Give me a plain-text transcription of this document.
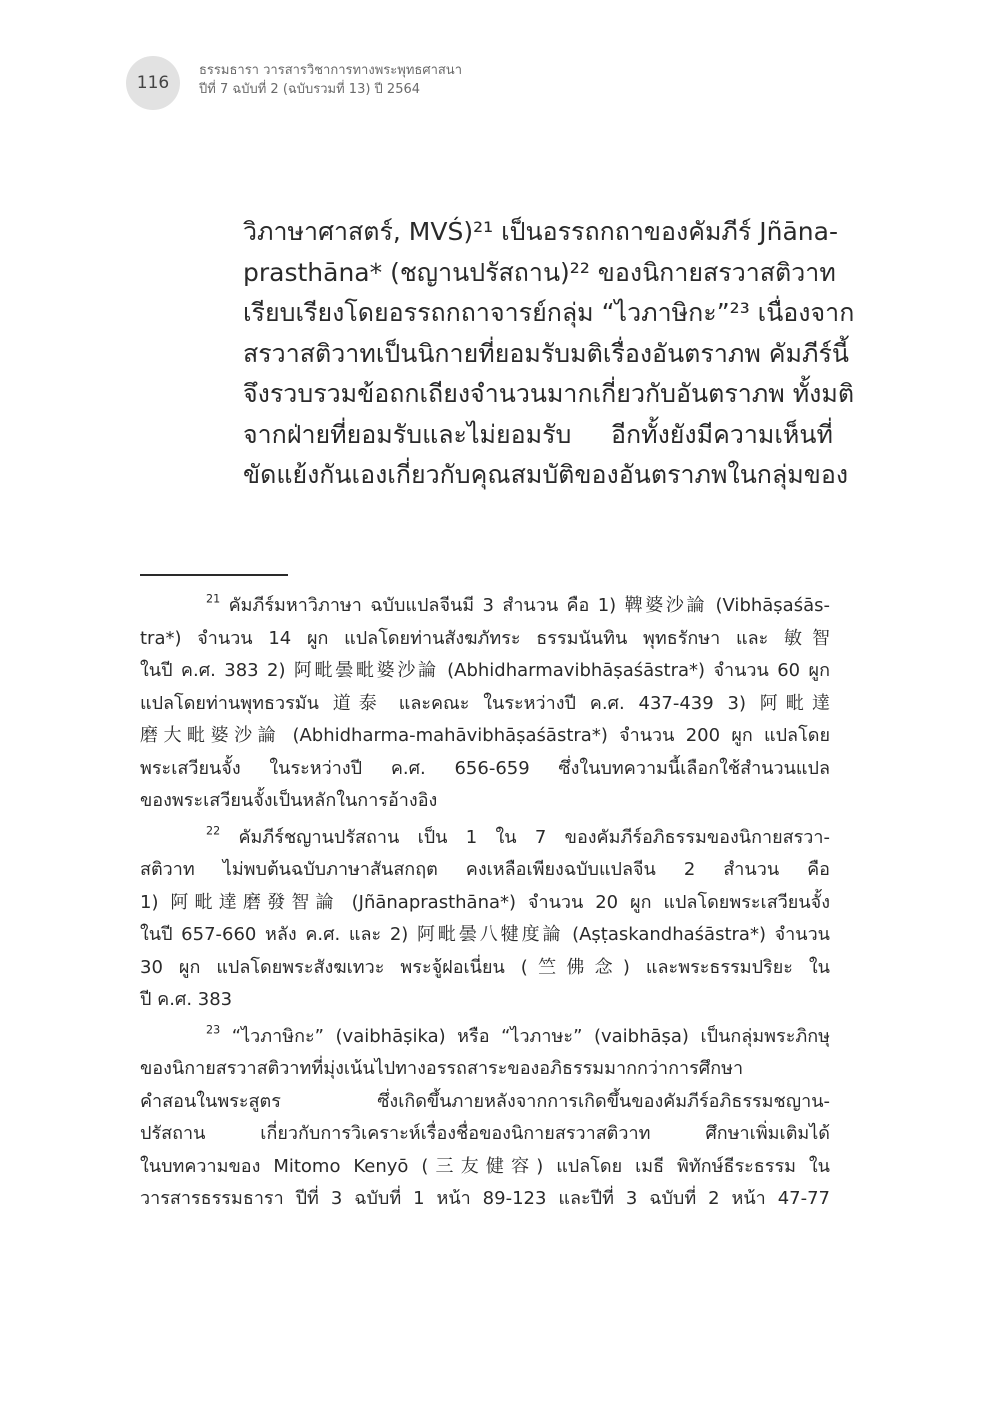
116
ธรรมธารา วารสารวิชาการทางพระพุทธศาสนา
ปีที่ 7 ฉบับที่ 2 (ฉบับรวมที่ 13) ปี 2564
วิภาษาศาสตร์, MVŚ)²¹ เป็นอรรถกถาของคัมภีร์ Jñāna-
prasthāna* (ชญานปรัสถาน)²² ของนิกายสรวาสติวาท
เรียบเรียงโดยอรรถกถาจารย์กลุ่ม “ไวภาษิกะ”²³ เนื่องจาก
สรวาสติวาทเป็นนิกายที่ยอมรับมติเรื่องอันตราภพ คัมภีร์นี้
จึงรวบรวมข้อถกเถียงจำนวนมากเกี่ยวกับอันตราภพ ทั้งมติ
จากฝ่ายที่ยอมรับและไม่ยอมรับ อีกทั้งยังมีความเห็นที่
ขัดแย้งกันเองเกี่ยวกับคุณสมบัติของอันตราภพในกลุ่มของ
$^{21}$ คัมภีร์มหาวิภาษา ฉบับแปลจีนมี 3 สำนวน คือ 1) 鞞婆沙論 (Vibhāṣaśās-
tra*) จำนวน 14 ผูก แปลโดยท่านสังฆภัทระ ธรรมนันทิน พุทธรักษา และ 敏智
ในปี ค.ศ. 383 2) 阿毗曇毗婆沙論 (Abhidharmavibhāṣaśāstra*) จำนวน 60 ผูก
แปลโดยท่านพุทธวรมัน 道泰 และคณะ ในระหว่างปี ค.ศ. 437-439 3) 阿毗達
磨大毗婆沙論 (Abhidharma-mahāvibhāṣaśāstra*) จำนวน 200 ผูก แปลโดย
พระเสวียนจั้ง ในระหว่างปี ค.ศ. 656-659 ซึ่งในบทความนี้เลือกใช้สำนวนแปล
ของพระเสวียนจั้งเป็นหลักในการอ้างอิง
$^{22}$ คัมภีร์ชญานปรัสถาน เป็น 1 ใน 7 ของคัมภีร์อภิธรรมของนิกายสรวา-
สติวาท ไม่พบต้นฉบับภาษาสันสกฤต คงเหลือเพียงฉบับแปลจีน 2 สำนวน คือ
1) 阿毗達磨發智論 (Jñānaprasthāna*) จำนวน 20 ผูก แปลโดยพระเสวียนจั้ง
ในปี 657-660 หลัง ค.ศ. และ 2) 阿毗曇八犍度論 (Aṣṭaskandhaśāstra*) จำนวน
30 ผูก แปลโดยพระสังฆเทวะ พระจู้ฝอเนี่ยน (竺佛念) และพระธรรมปริยะ ใน
ปี ค.ศ. 383
$^{23}$ “ไวภาษิกะ” (vaibhāṣika) หรือ “ไวภาษะ” (vaibhāṣa) เป็นกลุ่มพระภิกษุ
ของนิกายสรวาสติวาทที่มุ่งเน้นไปทางอรรถสาระของอภิธรรมมากกว่าการศึกษา
คำสอนในพระสูตร ซึ่งเกิดขึ้นภายหลังจากการเกิดขึ้นของคัมภีร์อภิธรรมชญาน-
ปรัสถาน เกี่ยวกับการวิเคราะห์เรื่องชื่อของนิกายสรวาสติวาท ศึกษาเพิ่มเติมได้
ในบทความของ Mitomo Kenyō (三友健容) แปลโดย เมธี พิทักษ์ธีระธรรม ใน
วารสารธรรมธารา ปีที่ 3 ฉบับที่ 1 หน้า 89-123 และปีที่ 3 ฉบับที่ 2 หน้า 47-77
